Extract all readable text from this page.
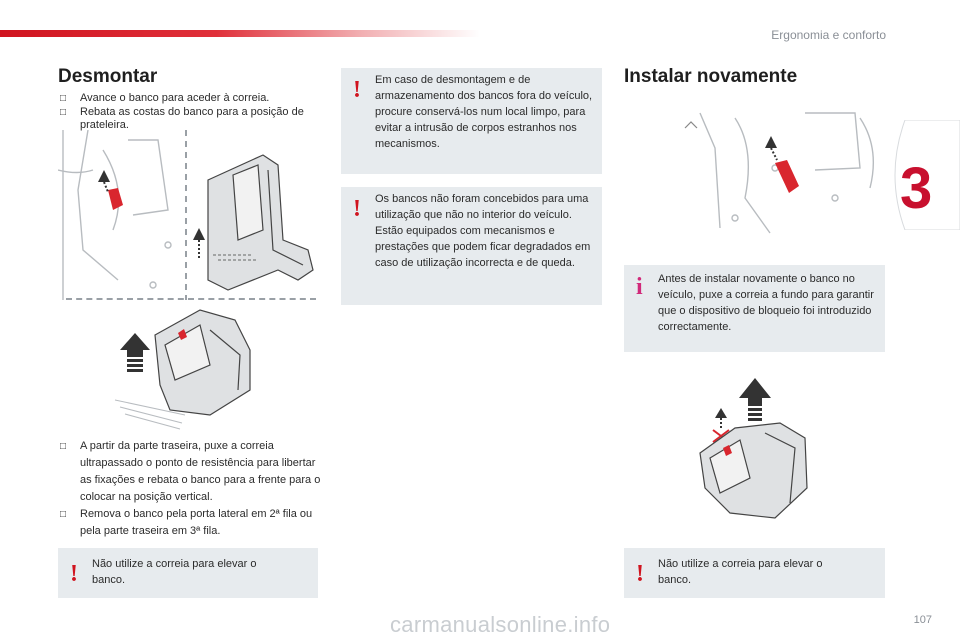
Ergonomia e conforto
3
Desmontar
□ Avance o banco para aceder à correia.
□ Rebata as costas do banco para a posição de prateleira.
□ A partir da parte traseira, puxe a correia ultrapassado o ponto de resistência para libertar as fixações e rebata o banco para a frente para o colocar na posição vertical.
□ Remova o banco pela porta lateral em 2ª fila ou pela parte traseira em 3ª fila.
! Não utilize a correia para elevar o banco.
! Em caso de desmontagem e de armazenamento dos bancos fora do veículo, procure conservá-los num local limpo, para evitar a intrusão de corpos estranhos nos mecanismos.
! Os bancos não foram concebidos para uma utilização que não no interior do veículo. Estão equipados com mecanismos e prestações que podem ficar degradados em caso de utilização incorrecta e de queda.
Instalar novamente
i	Antes de instalar novamente o banco no veículo, puxe a correia a fundo para garantir que o dispositivo de bloqueio foi introduzido correctamente.
! Não utilize a correia para elevar o banco.
carmanualsonline.info	107
